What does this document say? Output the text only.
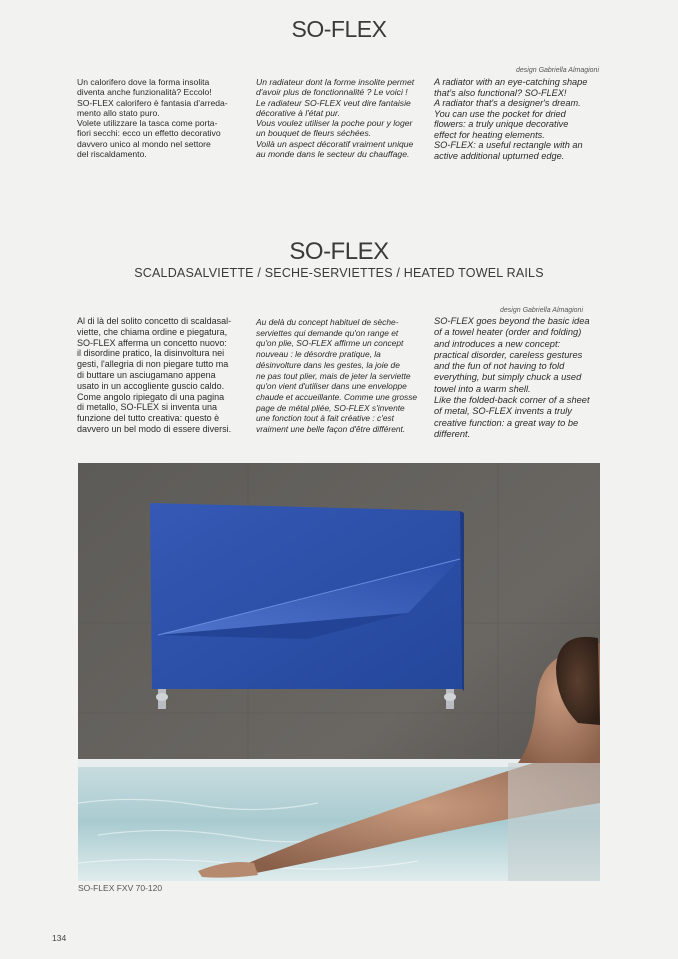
SO-FLEX
design Gabriella Almagioni
Un calorifero dove la forma insolita
diventa anche funzionalità? Eccolo!
SO-FLEX calorifero è fantasia d'arreda-
mento allo stato puro.
Volete utilizzare la tasca come porta-
fiori secchi: ecco un effetto decorativo
davvero unico al mondo nel settore
del riscaldamento.
Un radiateur dont la forme insolite permet
d'avoir plus de fonctionnalité ? Le voici !
Le radiateur SO-FLEX veut dire fantaisie
décorative à l'état pur.
Vous voulez utiliser la poche pour y loger
un bouquet de fleurs séchées.
Voilà un aspect décoratif vraiment unique
au monde dans le secteur du chauffage.
A radiator with an eye-catching shape
that's also functional? SO-FLEX!
A radiator that's a designer's dream.
You can use the pocket for dried
flowers: a truly unique decorative
effect for heating elements.
SO-FLEX: a useful rectangle with an
active additional upturned edge.
SO-FLEX
SCALDASALVIETTE / SECHE-SERVIETTES / HEATED TOWEL RAILS
design Gabriella Almagioni
Al di là del solito concetto di scaldasal-
viette, che chiama ordine e piegatura,
SO-FLEX afferma un concetto nuovo:
il disordine pratico, la disinvoltura nei
gesti, l'allegria di non piegare tutto ma
di buttare un asciugamano appena
usato in un accogliente guscio caldo.
Come angolo ripiegato di una pagina
di metallo, SO-FLEX si inventa una
funzione del tutto creativa: questo è
davvero un bel modo di essere diversi.
Au delà du concept habituel de sèche-
serviettes qui demande qu'on range et
qu'on plie, SO-FLEX affirme un concept
nouveau : le désordre pratique, la
désinvolture dans les gestes, la joie de
ne pas tout plier, mais de jeter la serviette
qu'on vient d'utiliser dans une enveloppe
chaude et accueillante. Comme une grosse
page de métal pliée, SO-FLEX s'invente
une fonction tout à fait créative : c'est
vraiment une belle façon d'être différent.
SO-FLEX goes beyond the basic idea
of a towel heater (order and folding)
and introduces a new concept:
practical disorder, careless gestures
and the fun of not having to fold
everything, but simply chuck a used
towel into a warm shell.
Like the folded-back corner of a sheet
of metal, SO-FLEX invents a truly
creative function: a great way to be
different.
SO-FLEX FXV 70-120
134
